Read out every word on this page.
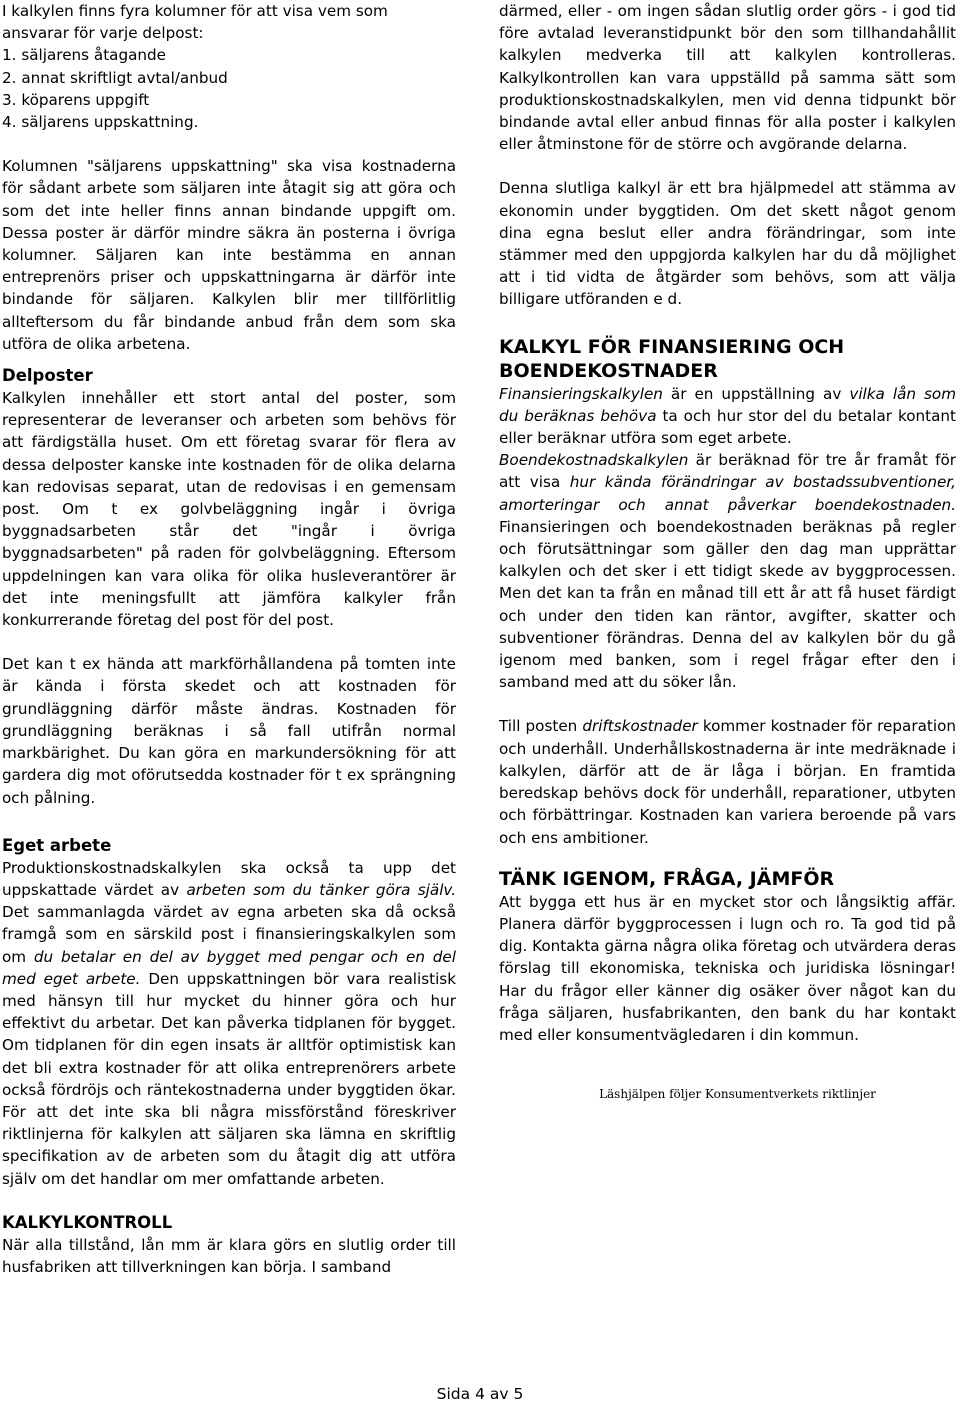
I kalkylen finns fyra kolumner för att visa vem som

ansvarar för varje delpost:

1. säljarens åtagande

2. annat skriftligt avtal/anbud

3. köparens uppgift

4. säljarens uppskattning.

Kolumnen "säljarens uppskattning" ska visa kostnaderna för sådant arbete som säljaren inte åtagit sig att göra och som det inte heller finns annan bindande uppgift om. Dessa poster är därför mindre säkra än posterna i övriga kolumner. Säljaren kan inte bestämma en annan entreprenörs priser och uppskattningarna är därför inte bindande för säljaren. Kalkylen blir mer tillförlitlig allteftersom du får bindande anbud från dem som ska utföra de olika arbetena.

Delposter

Kalkylen innehåller ett stort antal del poster, som representerar de leveranser och arbeten som behövs för att färdigställa huset. Om ett företag svarar för flera av dessa delposter kanske inte kostnaden för de olika delarna kan redovisas separat, utan de redovisas i en gemensam post. Om t ex golvbeläggning ingår i övriga byggnadsarbeten står det "ingår i övriga byggnadsarbeten" på raden för golvbeläggning. Eftersom uppdelningen kan vara olika för olika husleverantörer är det inte meningsfullt att jämföra kalkyler från konkurrerande företag del post för del post.

Det kan t ex hända att markförhållandena på tomten inte är kända i första skedet och att kostnaden för grundläggning därför måste ändras. Kostnaden för grundläggning beräknas i så fall utifrån normal markbärighet. Du kan göra en markundersökning för att gardera dig mot oförutsedda kostnader för t ex sprängning och pålning.

Eget arbete

Produktionskostnadskalkylen ska också ta upp det uppskattade värdet av arbeten som du tänker göra själv. Det sammanlagda värdet av egna arbeten ska då också framgå som en särskild post i finansieringskalkylen som om du betalar en del av bygget med pengar och en del med eget arbete. Den uppskattningen bör vara realistisk med hänsyn till hur mycket du hinner göra och hur effektivt du arbetar. Det kan påverka tidplanen för bygget. Om tidplanen för din egen insats är alltför optimistisk kan det bli extra kostnader för att olika entreprenörers arbete också fördröjs och räntekostnaderna under byggtiden ökar. För att det inte ska bli några missförstånd föreskriver riktlinjerna för kalkylen att säljaren ska lämna en skriftlig specifikation av de arbeten som du åtagit dig att utföra själv om det handlar om mer omfattande arbeten.

KALKYLKONTROLL

När alla tillstånd, lån mm är klara görs en slutlig order till husfabriken att tillverkningen kan börja. I samband

därmed, eller - om ingen sådan slutlig order görs - i god tid före avtalad leveranstidpunkt bör den som tillhandahållit kalkylen medverka till att kalkylen kontrolleras. Kalkylkontrollen kan vara uppställd på samma sätt som produktionskostnadskalkylen, men vid denna tidpunkt bör bindande avtal eller anbud finnas för alla poster i kalkylen eller åtminstone för de större och avgörande delarna.

Denna slutliga kalkyl är ett bra hjälpmedel att stämma av ekonomin under byggtiden. Om det skett något genom dina egna beslut eller andra förändringar, som inte stämmer med den uppgjorda kalkylen har du då möjlighet att i tid vidta de åtgärder som behövs, som att välja billigare utföranden e d.

KALKYL FÖR FINANSIERING OCH BOENDEKOSTNADER

Finansieringskalkylen är en uppställning av vilka lån som du beräknas behöva ta och hur stor del du betalar kontant eller beräknar utföra som eget arbete.

Boendekostnadskalkylen är beräknad för tre år framåt för att visa hur kända förändringar av bostadssubventioner, amorteringar och annat påverkar boendekostnaden. Finansieringen och boendekostnaden beräknas på regler och förutsättningar som gäller den dag man upprättar kalkylen och det sker i ett tidigt skede av byggprocessen. Men det kan ta från en månad till ett år att få huset färdigt och under den tiden kan räntor, avgifter, skatter och subventioner förändras. Denna del av kalkylen bör du gå igenom med banken, som i regel frågar efter den i samband med att du söker lån.

Till posten driftskostnader kommer kostnader för reparation och underhåll. Underhållskostnaderna är inte medräknade i kalkylen, därför att de är låga i början. En framtida beredskap behövs dock för underhåll, reparationer, utbyten och förbättringar. Kostnaden kan variera beroende på vars och ens ambitioner.

TÄNK IGENOM, FRÅGA, JÄMFÖR

Att bygga ett hus är en mycket stor och långsiktig affär. Planera därför byggprocessen i lugn och ro. Ta god tid på dig. Kontakta gärna några olika företag och utvärdera deras förslag till ekonomiska, tekniska och juridiska lösningar! Har du frågor eller känner dig osäker över något kan du fråga säljaren, husfabrikanten, den bank du har kontakt med eller konsumentvägledaren i din kommun.

Läshjälpen följer Konsumentverkets riktlinjer

Sida 4 av 5
